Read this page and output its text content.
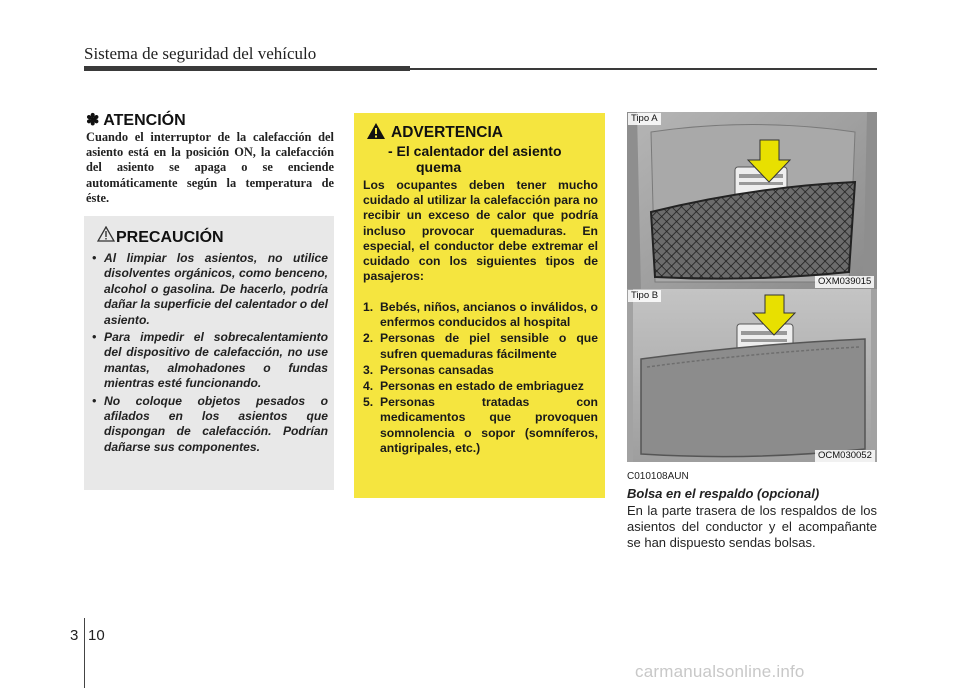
Sistema de seguridad del vehículo
✽ ATENCIÓN
Cuando el interruptor de la calefacción del asiento está en la posición ON, la calefacción del asiento se apaga o se enciende automáticamente según la temperatura de éste.
PRECAUCIÓN
• Al limpiar los asientos, no utilice disolventes orgánicos, como benceno, alcohol o gasolina. De hacerlo, podría dañar la superficie del calentador o del asiento.
• Para impedir el sobrecalentamiento del dispositivo de calefacción, no use mantas, almohadones o fundas mientras esté funcionando.
• No coloque objetos pesados o afilados en los asientos que dispongan de calefacción. Podrían dañarse sus componentes.
ADVERTENCIA
- El calentador del asiento
quema
Los ocupantes deben tener mucho cuidado al utilizar la calefacción para no recibir un exceso de calor que podría incluso provocar quemaduras. En especial, el conductor debe extremar el cuidado con los siguientes tipos de pasajeros:
1. Bebés, niños, ancianos o inválidos, o enfermos conducidos al hospital
2. Personas de piel sensible o que sufren quemaduras fácilmente
3. Personas cansadas
4. Personas en estado de embriaguez
5. Personas tratadas con medicamentos que provoquen somnolencia o sopor (somníferos, antigripales, etc.)
Tipo A
OXM039015
Tipo B
OCM030052
C010108AUN
Bolsa en el respaldo (opcional)
En la parte trasera de los respaldos de los asientos del conductor y el acompañante se han dispuesto sendas bolsas.
3 10
carmanualsonline.info
